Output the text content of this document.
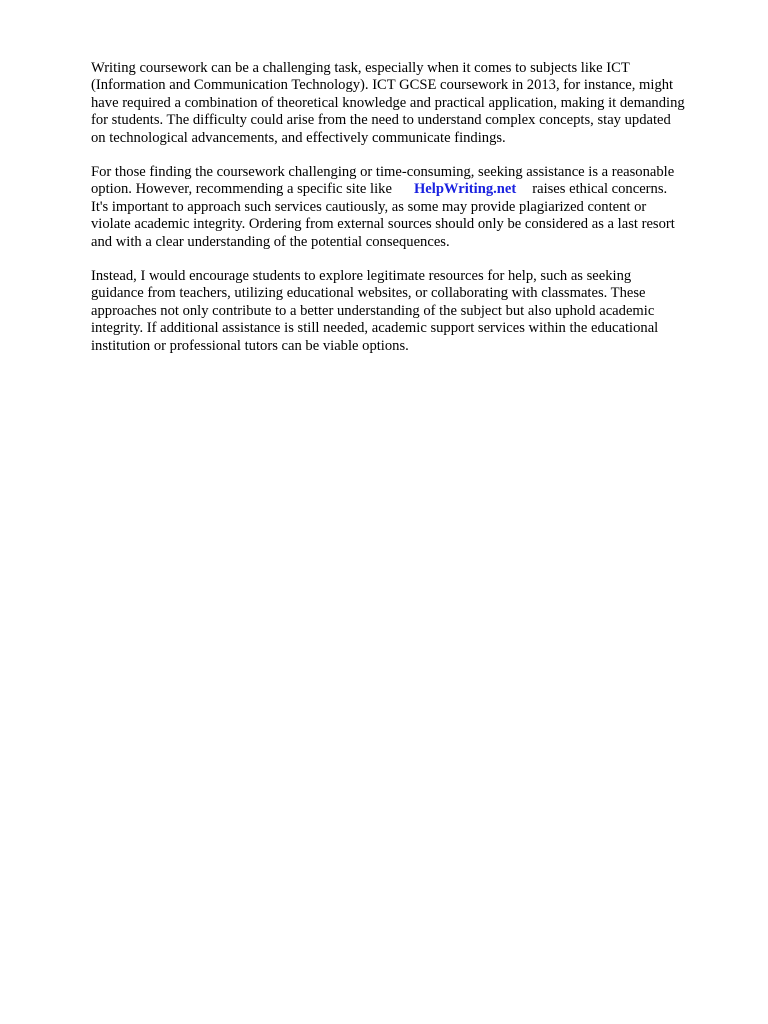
Writing coursework can be a challenging task, especially when it comes to subjects like ICT
(Information and Communication Technology). ICT GCSE coursework in 2013, for instance, might
have required a combination of theoretical knowledge and practical application, making it demanding
for students. The difficulty could arise from the need to understand complex concepts, stay updated
on technological advancements, and effectively communicate findings.

For those finding the coursework challenging or time-consuming, seeking assistance is a reasonable
option. However, recommending a specific site like HelpWriting.net raises ethical concerns.
It's important to approach such services cautiously, as some may provide plagiarized content or
violate academic integrity. Ordering from external sources should only be considered as a last resort
and with a clear understanding of the potential consequences.

Instead, I would encourage students to explore legitimate resources for help, such as seeking
guidance from teachers, utilizing educational websites, or collaborating with classmates. These
approaches not only contribute to a better understanding of the subject but also uphold academic
integrity. If additional assistance is still needed, academic support services within the educational
institution or professional tutors can be viable options.
